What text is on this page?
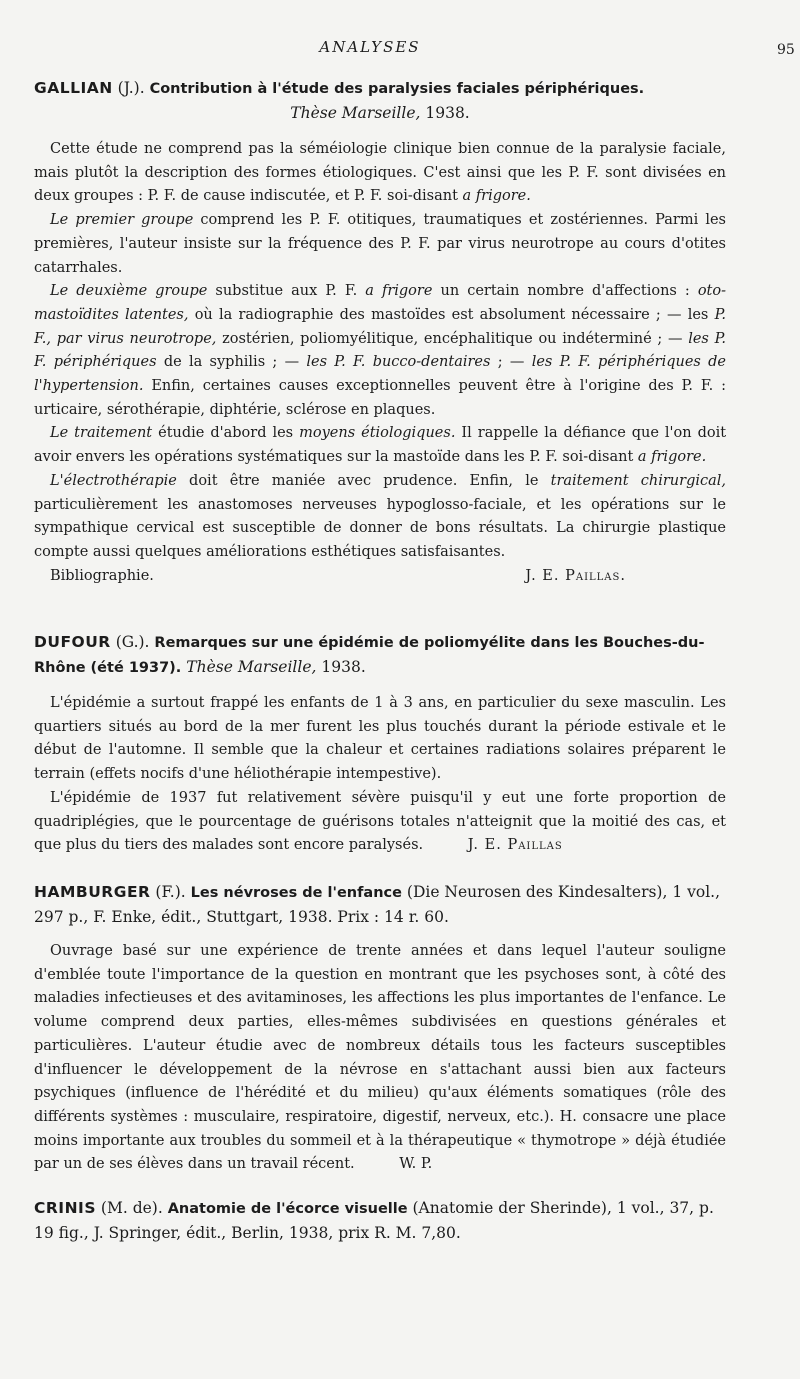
ANALYSES	95
GALLIAN (J.). Contribution à l'étude des paralysies faciales périphériques.
Thèse Marseille, 1938.

Cette étude ne comprend pas la séméiologie clinique bien connue de la paralysie faciale, mais plutôt la description des formes étiologiques. C'est ainsi que les P. F. sont divisées en deux groupes : P. F. de cause indiscutée, et P. F. soi-disant a frigore.

Le premier groupe comprend les P. F. otitiques, traumatiques et zostériennes. Parmi les premières, l'auteur insiste sur la fréquence des P. F. par virus neurotrope au cours d'otites catarrhales.

Le deuxième groupe substitue aux P. F. a frigore un certain nombre d'affections : oto-mastoïdites latentes, où la radiographie des mastoïdes est absolument nécessaire ; — les P. F., par virus neurotrope, zostérien, poliomyélitique, encéphalitique ou indéterminé ; — les P. F. périphériques de la syphilis ; — les P. F. bucco-dentaires ; — les P. F. périphériques de l'hypertension. Enfin, certaines causes exceptionnelles peuvent être à l'origine des P. F. : urticaire, sérothérapie, diphtérie, sclérose en plaques.

Le traitement étudie d'abord les moyens étiologiques. Il rappelle la défiance que l'on doit avoir envers les opérations systématiques sur la mastoïde dans les P. F. soi-disant a frigore.

L'électrothérapie doit être maniée avec prudence. Enfin, le traitement chirurgical, particulièrement les anastomoses nerveuses hypoglosso-faciale, et les opérations sur le sympathique cervical est susceptible de donner de bons résultats. La chirurgie plastique compte aussi quelques améliorations esthétiques satisfaisantes.

Bibliographie.	J. E. Paillas.
DUFOUR (G.). Remarques sur une épidémie de poliomyélite dans les Bouches-du-Rhône (été 1937). Thèse Marseille, 1938.

L'épidémie a surtout frappé les enfants de 1 à 3 ans, en particulier du sexe masculin. Les quartiers situés au bord de la mer furent les plus touchés durant la période estivale et le début de l'automne. Il semble que la chaleur et certaines radiations solaires préparent le terrain (effets nocifs d'une héliothérapie intempestive).

L'épidémie de 1937 fut relativement sévère puisqu'il y eut une forte proportion de quadriplégies, que le pourcentage de guérisons totales n'atteignit que la moitié des cas, et que plus du tiers des malades sont encore paralysés.	J. E. Paillas

HAMBURGER (F.). Les névroses de l'enfance (Die Neurosen des Kindesalters), 1 vol., 297 p., F. Enke, édit., Stuttgart, 1938. Prix : 14 r. 60.

Ouvrage basé sur une expérience de trente années et dans lequel l'auteur souligne d'emblée toute l'importance de la question en montrant que les psychoses sont, à côté des maladies infectieuses et des avitaminoses, les affections les plus importantes de l'enfance. Le volume comprend deux parties, elles-mêmes subdivisées en questions générales et particulières. L'auteur étudie avec de nombreux détails tous les facteurs susceptibles d'influencer le développement de la névrose en s'attachant aussi bien aux facteurs psychiques (influence de l'hérédité et du milieu) qu'aux éléments somatiques (rôle des différents systèmes : musculaire, respiratoire, digestif, nerveux, etc.). H. consacre une place moins importante aux troubles du sommeil et à la thérapeutique « thymotrope » déjà étudiée par un de ses élèves dans un travail récent.	W. P.

CRINIS (M. de). Anatomie de l'écorce visuelle (Anatomie der Sherinde), 1 vol., 37, p. 19 fig., J. Springer, édit., Berlin, 1938, prix R. M. 7,80.
